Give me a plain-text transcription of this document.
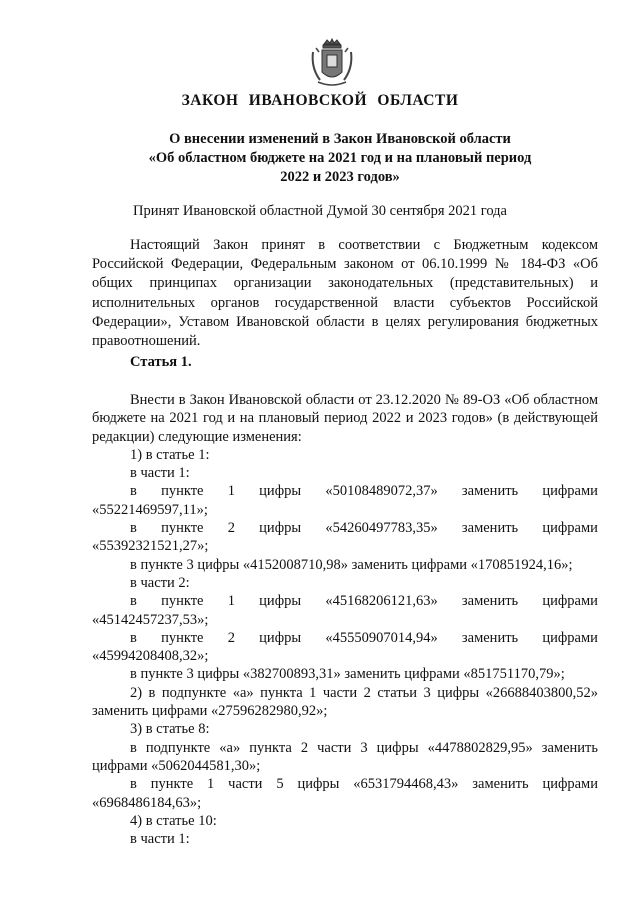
ЗАКОН ИВАНОВСКОЙ ОБЛАСТИ
О внесении изменений в Закон Ивановской области
«Об областном бюджете на 2021 год и на плановый период
2022 и 2023 годов»
Принят Ивановской областной Думой 30 сентября 2021 года

Настоящий Закон принят в соответствии с Бюджетным кодексом Российской Федерации, Федеральным законом от 06.10.1999 № 184-ФЗ «Об общих принципах организации законодательных (представительных) и исполнительных органов государственной власти субъектов Российской Федерации», Уставом Ивановской области в целях регулирования бюджетных правоотношений.

Статья 1.

Внести в Закон Ивановской области от 23.12.2020 № 89-ОЗ «Об областном бюджете на 2021 год и на плановый период 2022 и 2023 годов» (в действующей редакции) следующие изменения:

1) в статье 1:
в части 1:
в пункте 1 цифры «50108489072,37» заменить цифрами
«55221469597,11»;
в пункте 2 цифры «54260497783,35» заменить цифрами
«55392321521,27»;
в пункте 3 цифры «4152008710,98» заменить цифрами «170851924,16»;
в части 2:
в пункте 1 цифры «45168206121,63» заменить цифрами
«45142457237,53»;
в пункте 2 цифры «45550907014,94» заменить цифрами
«45994208408,32»;
в пункте 3 цифры «382700893,31» заменить цифрами «851751170,79»;
2) в подпункте «а» пункта 1 части 2 статьи 3 цифры «26688403800,52»
заменить цифрами «27596282980,92»;
3) в статье 8:
в подпункте «а» пункта 2 части 3 цифры «4478802829,95» заменить
цифрами «5062044581,30»;
в пункте 1 части 5 цифры «6531794468,43» заменить цифрами
«6968486184,63»;
4) в статье 10:
в части 1:
